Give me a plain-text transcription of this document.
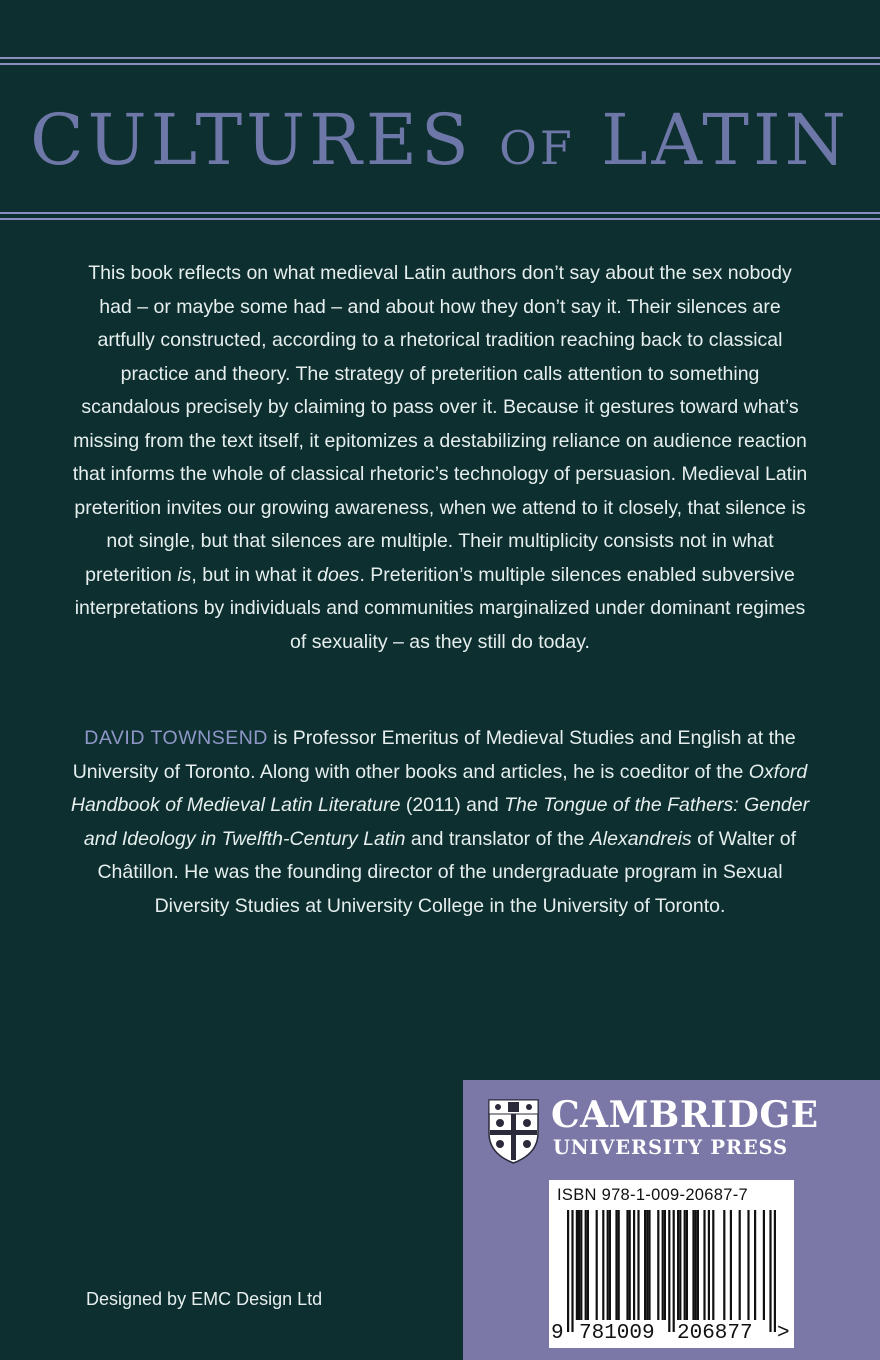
CULTURES OF LATIN

This book reflects on what medieval Latin authors don’t say about the sex nobody had – or maybe some had – and about how they don’t say it. Their silences are artfully constructed, according to a rhetorical tradition reaching back to classical practice and theory. The strategy of preterition calls attention to something scandalous precisely by claiming to pass over it. Because it gestures toward what’s missing from the text itself, it epitomizes a destabilizing reliance on audience reaction that informs the whole of classical rhetoric’s technology of persuasion. Medieval Latin preterition invites our growing awareness, when we attend to it closely, that silence is not single, but that silences are multiple. Their multiplicity consists not in what preterition is, but in what it does. Preterition’s multiple silences enabled subversive interpretations by individuals and communities marginalized under dominant regimes of sexuality – as they still do today.

DAVID TOWNSEND is Professor Emeritus of Medieval Studies and English at the University of Toronto. Along with other books and articles, he is coeditor of the Oxford Handbook of Medieval Latin Literature (2011) and The Tongue of the Fathers: Gender and Ideology in Twelfth-Century Latin and translator of the Alexandreis of Walter of Châtillon. He was the founding director of the undergraduate program in Sexual Diversity Studies at University College in the University of Toronto.

Designed by EMC Design Ltd
CAMBRIDGE
UNIVERSITY PRESS
ISBN 978-1-009-20687-7
9 781009 206877 >
